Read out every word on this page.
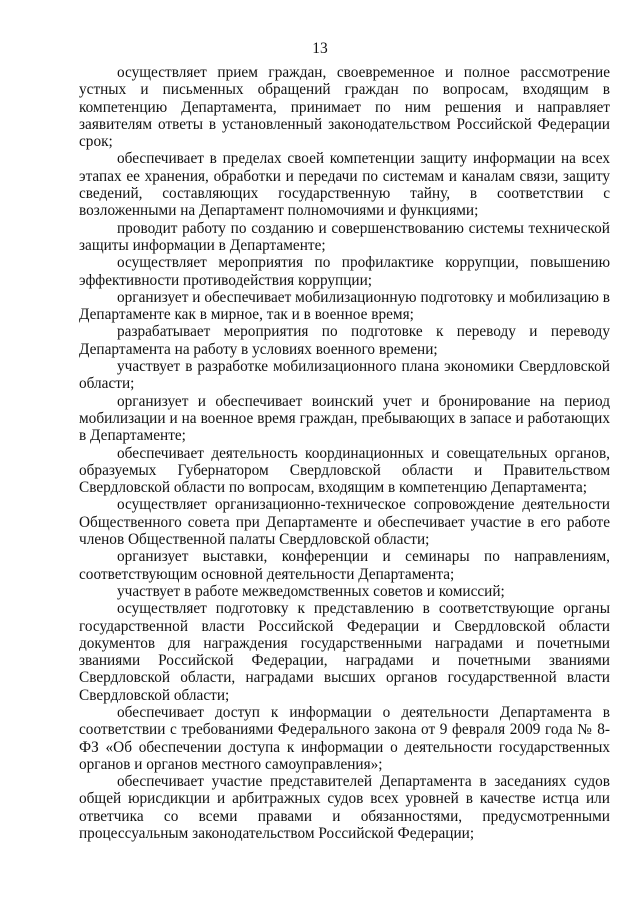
13

осуществляет прием граждан, своевременное и полное рассмотрение устных и письменных обращений граждан по вопросам, входящим в компетенцию Департамента, принимает по ним решения и направляет заявителям ответы в установленный законодательством Российской Федерации срок;

обеспечивает в пределах своей компетенции защиту информации на всех этапах ее хранения, обработки и передачи по системам и каналам связи, защиту сведений, составляющих государственную тайну, в соответствии с возложенными на Департамент полномочиями и функциями;

проводит работу по созданию и совершенствованию системы технической защиты информации в Департаменте;

осуществляет мероприятия по профилактике коррупции, повышению эффективности противодействия коррупции;

организует и обеспечивает мобилизационную подготовку и мобилизацию в Департаменте как в мирное, так и в военное время;

разрабатывает мероприятия по подготовке к переводу и переводу Департамента на работу в условиях военного времени;

участвует в разработке мобилизационного плана экономики Свердловской области;

организует и обеспечивает воинский учет и бронирование на период мобилизации и на военное время граждан, пребывающих в запасе и работающих в Департаменте;

обеспечивает деятельность координационных и совещательных органов, образуемых Губернатором Свердловской области и Правительством Свердловской области по вопросам, входящим в компетенцию Департамента;

осуществляет организационно-техническое сопровождение деятельности Общественного совета при Департаменте и обеспечивает участие в его работе членов Общественной палаты Свердловской области;

организует выставки, конференции и семинары по направлениям, соответствующим основной деятельности Департамента;

участвует в работе межведомственных советов и комиссий;

осуществляет подготовку к представлению в соответствующие органы государственной власти Российской Федерации и Свердловской области документов для награждения государственными наградами и почетными званиями Российской Федерации, наградами и почетными званиями Свердловской области, наградами высших органов государственной власти Свердловской области;

обеспечивает доступ к информации о деятельности Департамента в соответствии с требованиями Федерального закона от 9 февраля 2009 года № 8-ФЗ «Об обеспечении доступа к информации о деятельности государственных органов и органов местного самоуправления»;

обеспечивает участие представителей Департамента в заседаниях судов общей юрисдикции и арбитражных судов всех уровней в качестве истца или ответчика со всеми правами и обязанностями, предусмотренными процессуальным законодательством Российской Федерации;
